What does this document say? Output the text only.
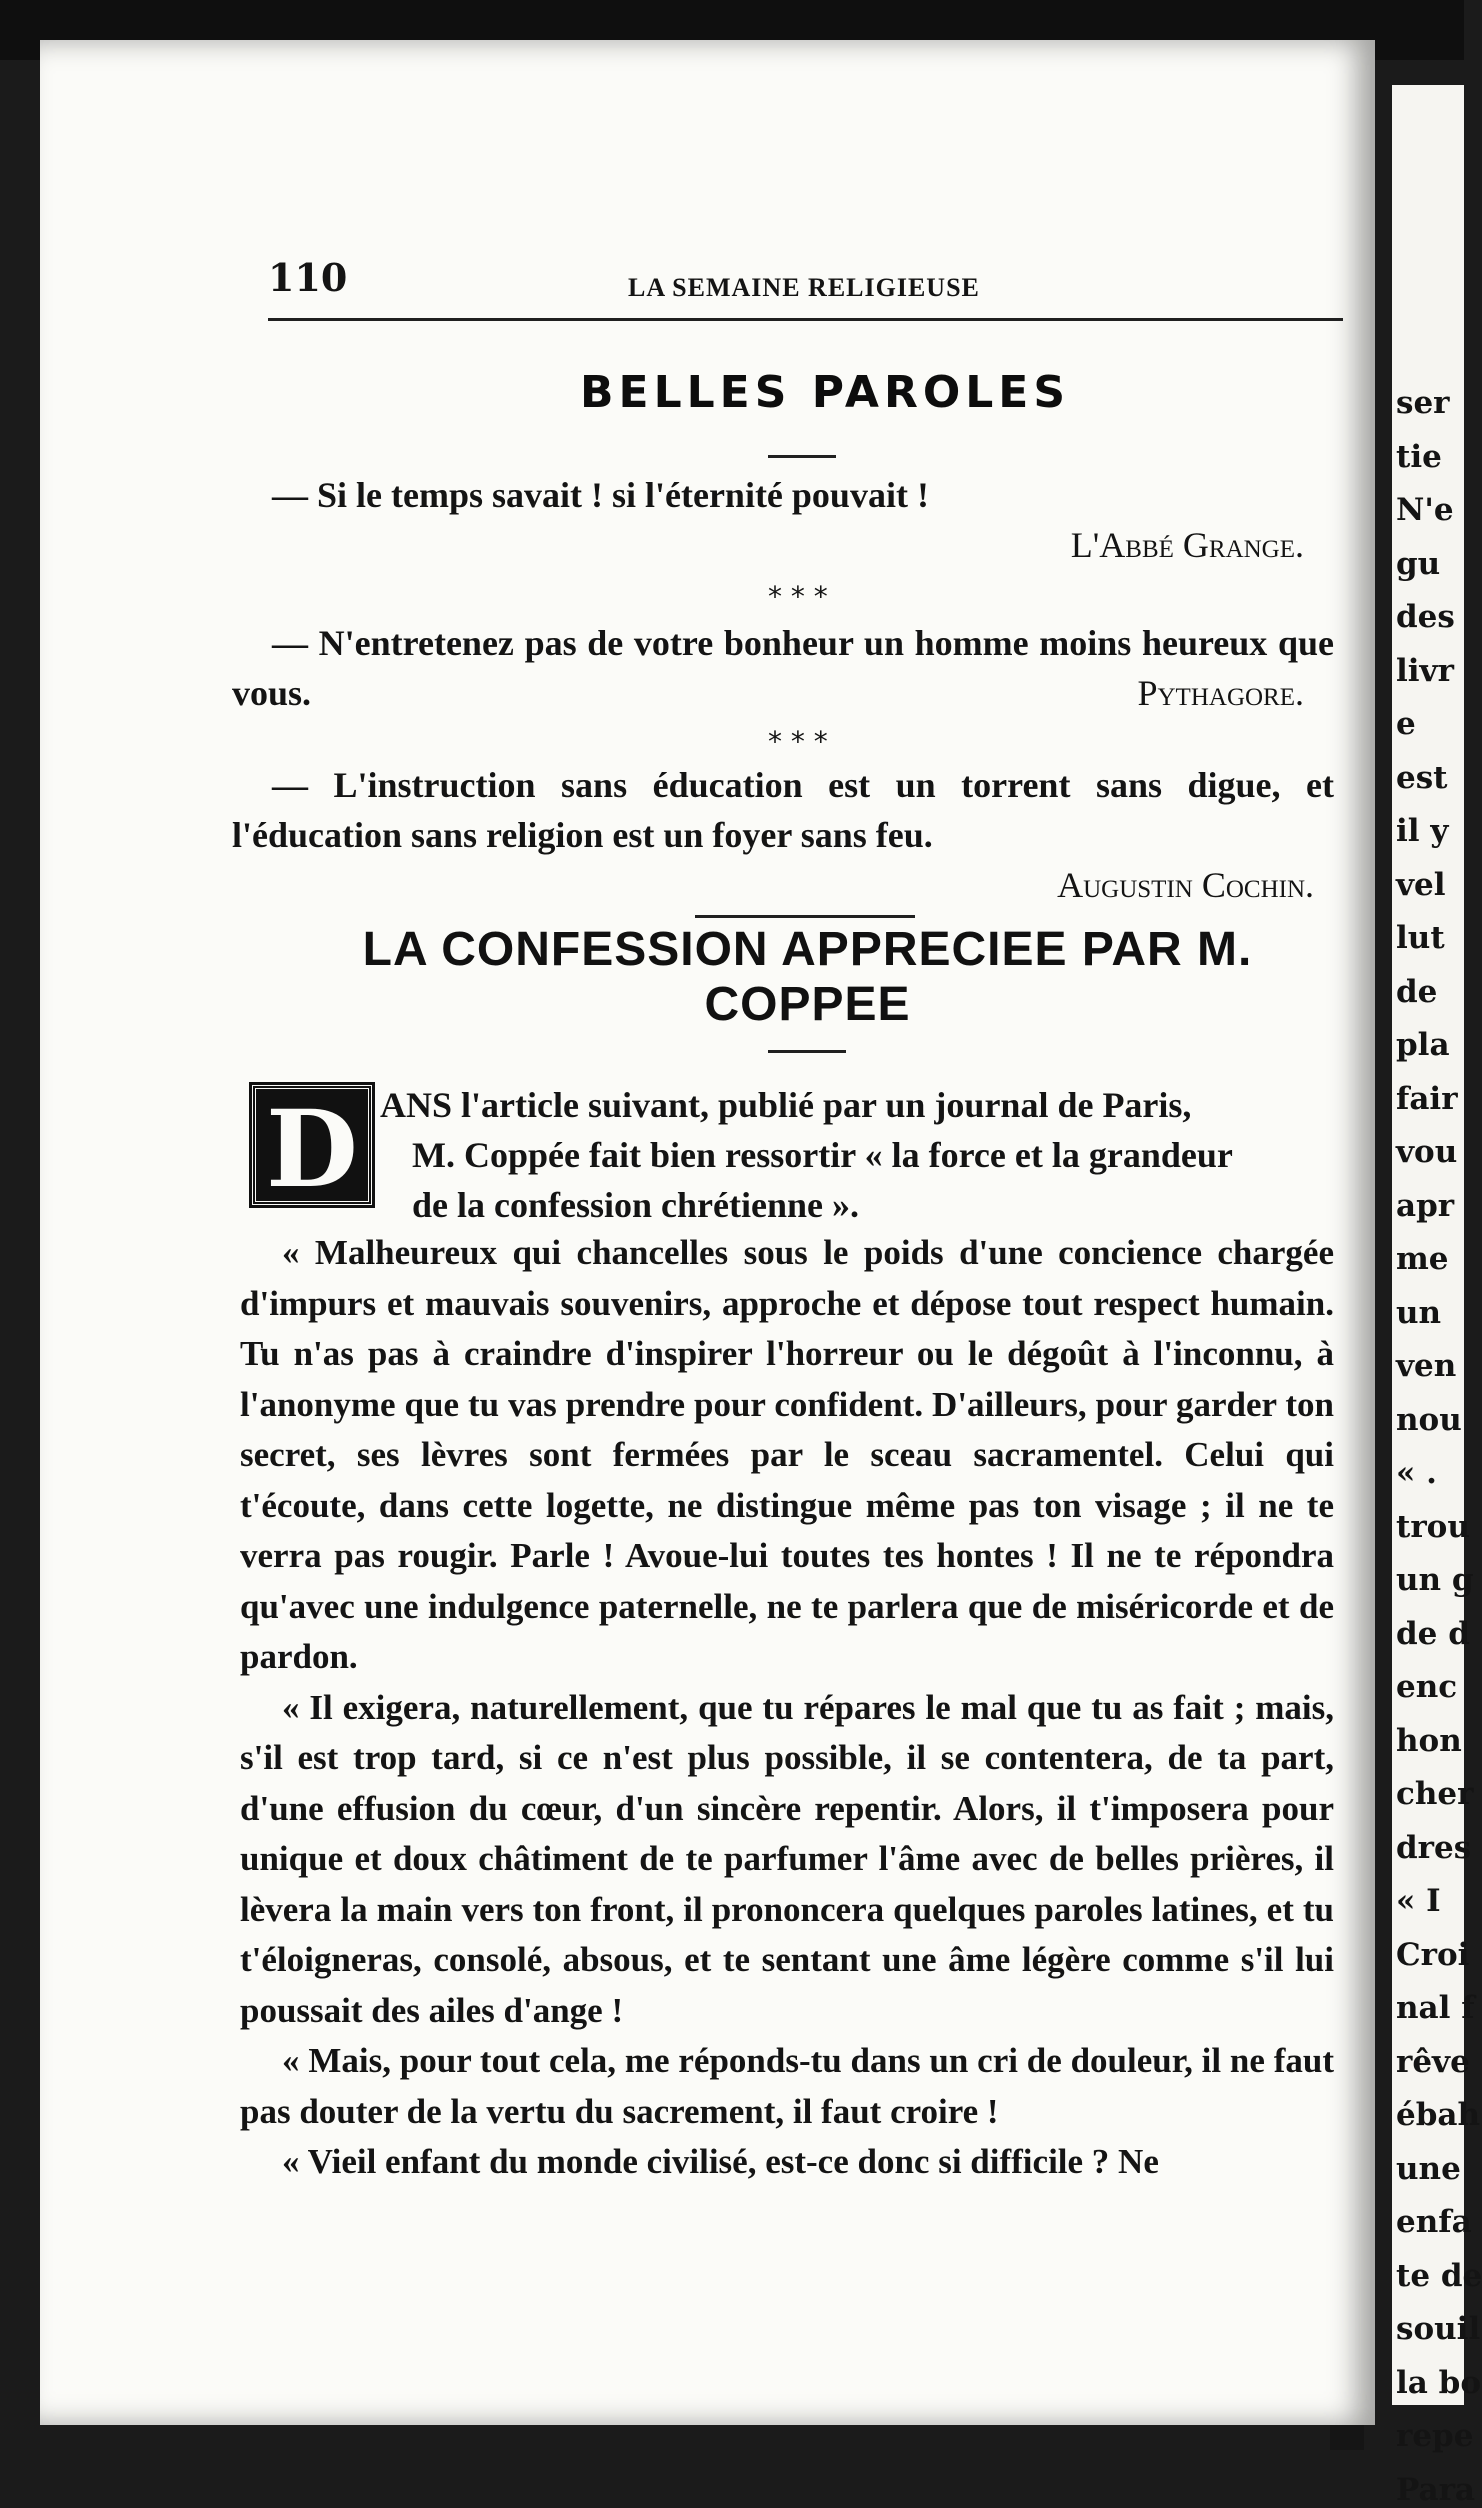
ser
tie
N'e
gu
des
livr
e
est
il y
vel
lut
de
pla
fair
vou
apr
me
un
ven
nou
« .
trou
un g
de d
enc
hon
cher
dres
« I
Croi
nal f
rêve
ébah
une
enfa
te de
souil
la bo
repe
Para
110	LA SEMAINE RELIGIEUSE
BELLES PAROLES

— Si le temps savait ! si l'éternité pouvait !

L'Abbé Grange.

* * *

— N'entretenez pas de votre bonheur un homme moins heureux que vous.	Pythagore.

* * *

— L'instruction sans éducation est un torrent sans digue, et l'éducation sans religion est un foyer sans feu.

Augustin Cochin.

LA CONFESSION APPRECIEE PAR M. COPPEE
D ANS l'article suivant, publié par un journal de Paris,

M. Coppée fait bien ressortir « la force et la grandeur

de la confession chrétienne ».

« Malheureux qui chancelles sous le poids d'une concience chargée d'impurs et mauvais souvenirs, approche et dépose tout respect humain. Tu n'as pas à craindre d'inspirer l'horreur ou le dégoût à l'inconnu, à l'anonyme que tu vas prendre pour confident. D'ailleurs, pour garder ton secret, ses lèvres sont fermées par le sceau sacramentel. Celui qui t'écoute, dans cette logette, ne distingue même pas ton visage ; il ne te verra pas rougir. Parle ! Avoue-lui toutes tes hontes ! Il ne te répondra qu'avec une indulgence paternelle, ne te parlera que de miséricorde et de pardon.

« Il exigera, naturellement, que tu répares le mal que tu as fait ; mais, s'il est trop tard, si ce n'est plus possible, il se contentera, de ta part, d'une effusion du cœur, d'un sincère repentir. Alors, il t'imposera pour unique et doux châtiment de te parfumer l'âme avec de belles prières, il lèvera la main vers ton front, il prononcera quelques paroles latines, et tu t'éloigneras, consolé, absous, et te sentant une âme légère comme s'il lui poussait des ailes d'ange !

« Mais, pour tout cela, me réponds-tu dans un cri de douleur, il ne faut pas douter de la vertu du sacrement, il faut croire !

« Vieil enfant du monde civilisé, est-ce donc si difficile ? Ne
